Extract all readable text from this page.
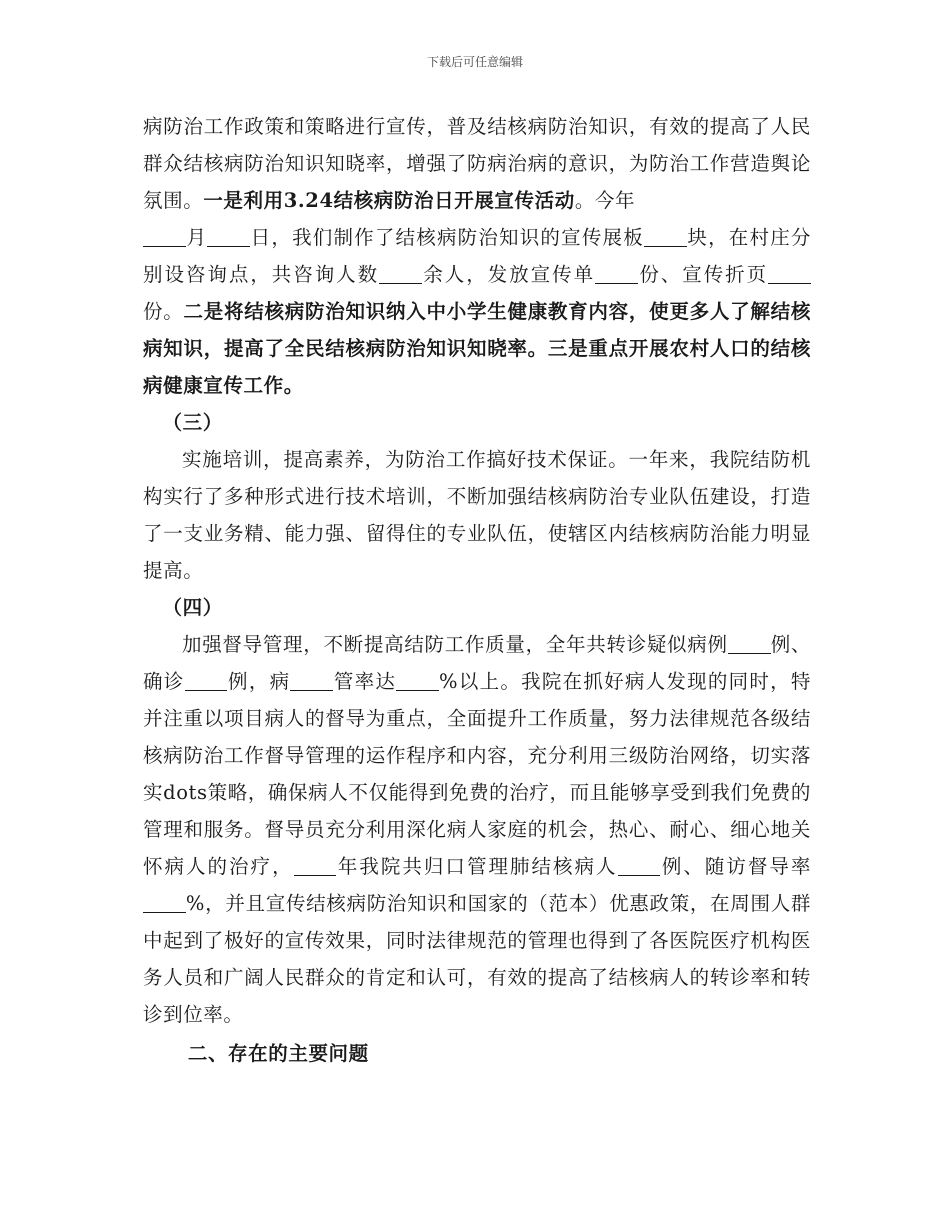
下载后可任意编辑

病防治工作政策和策略进行宣传，普及结核病防治知识，有效的提高了人民群众结核病防治知识知晓率，增强了防病治病的意识，为防治工作营造舆论氛围。一是利用3.24结核病防治日开展宣传活动。今年
月 日，我们制作了结核病防治知识的宣传展板 块，在村庄分别设咨询点，共咨询人数 余人，发放宣传单 份、宣传折页份。二是将结核病防治知识纳入中小学生健康教育内容，使更多人了解结核病知识，提高了全民结核病防治知识知晓率。三是重点开展农村人口的结核病健康宣传工作。

（三）

实施培训，提高素养，为防治工作搞好技术保证。一年来，我院结防机构实行了多种形式进行技术培训，不断加强结核病防治专业队伍建设，打造了一支业务精、能力强、留得住的专业队伍，使辖区内结核病防治能力明显提高。

（四）

加强督导管理，不断提高结防工作质量，全年共转诊疑似病例 例、确诊 例，病 管率达 %以上。我院在抓好病人发现的同时，特并注重以项目病人的督导为重点，全面提升工作质量，努力法律规范各级结核病防治工作督导管理的运作程序和内容，充分利用三级防治网络，切实落实dots策略，确保病人不仅能得到免费的治疗，而且能够享受到我们免费的管理和服务。督导员充分利用深化病人家庭的机会，热心、耐心、细心地关怀病人的治疗， 年我院共归口管理肺结核病人 例、随访督导率%，并且宣传结核病防治知识和国家的（范本）优惠政策，在周围人群中起到了极好的宣传效果，同时法律规范的管理也得到了各医院医疗机构医务人员和广阔人民群众的肯定和认可，有效的提高了结核病人的转诊率和转诊到位率。

二、存在的主要问题
